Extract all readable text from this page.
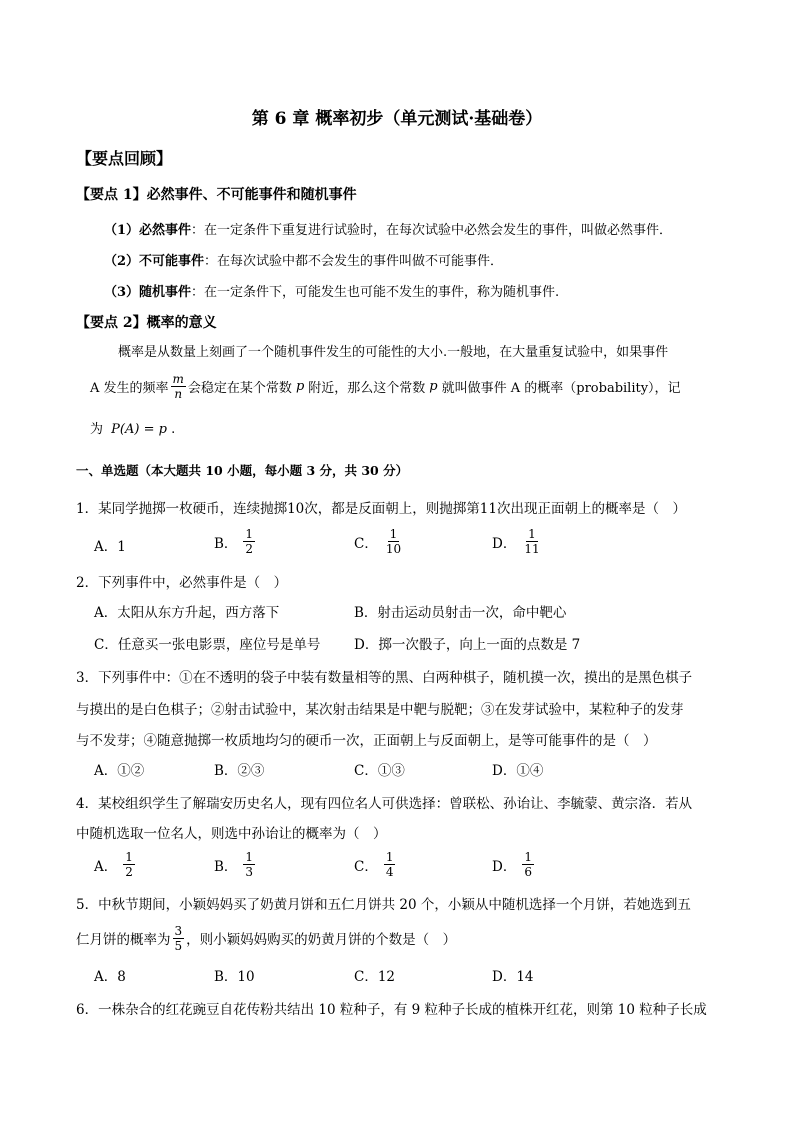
第 6 章 概率初步（单元测试·基础卷）
【要点回顾】
【要点 1】必然事件、不可能事件和随机事件
（1）必然事件：在一定条件下重复进行试验时，在每次试验中必然会发生的事件，叫做必然事件．
（2）不可能事件：在每次试验中都不会发生的事件叫做不可能事件．
（3）随机事件：在一定条件下，可能发生也可能不发生的事件，称为随机事件.
【要点 2】概率的意义
概率是从数量上刻画了一个随机事件发生的可能性的大小.一般地，在大量重复试验中，如果事件
A 发生的频率 $\frac{m}{n}$ 会稳定在某个常数 p 附近，那么这个常数 p 就叫做事件 A 的概率（probability），记
为 P(A) = p .
一、单选题（本大题共 10 小题，每小题 3 分，共 30 分）
1．某同学抛掷一枚硬币，连续抛掷10次，都是反面朝上，则抛掷第11次出现正面朝上的概率是（　）
A．1	B． $\frac{1}{2}$	C． $\frac{1}{10}$	D． $\frac{1}{11}$
2．下列事件中，必然事件是（　）
A．太阳从东方升起，西方落下	B．射击运动员射击一次，命中靶心
C．任意买一张电影票，座位号是单号 D．掷一次骰子，向上一面的点数是 7
3．下列事件中：①在不透明的袋子中装有数量相等的黑、白两种棋子，随机摸一次，摸出的是黑色棋子
与摸出的是白色棋子；②射击试验中，某次射击结果是中靶与脱靶；③在发芽试验中，某粒种子的发芽
与不发芽；④随意抛掷一枚质地均匀的硬币一次，正面朝上与反面朝上，是等可能事件的是（　）
A．①②	B．②③	C．①③	D．①④
4．某校组织学生了解瑞安历史名人，现有四位名人可供选择：曾联松、孙诒让、李毓蒙、黄宗洛．若从
中随机选取一位名人，则选中孙诒让的概率为（　）
A． $\frac{1}{2}$	B． $\frac{1}{3}$	C． $\frac{1}{4}$	D． $\frac{1}{6}$
5．中秋节期间，小颖妈妈买了奶黄月饼和五仁月饼共 20 个，小颖从中随机选择一个月饼，若她选到五
仁月饼的概率为 $\frac{3}{5}$ ，则小颖妈妈购买的奶黄月饼的个数是（　）
A．8	B．10	C．12	D．14
6．一株杂合的红花豌豆自花传粉共结出 10 粒种子，有 9 粒种子长成的植株开红花，则第 10 粒种子长成
